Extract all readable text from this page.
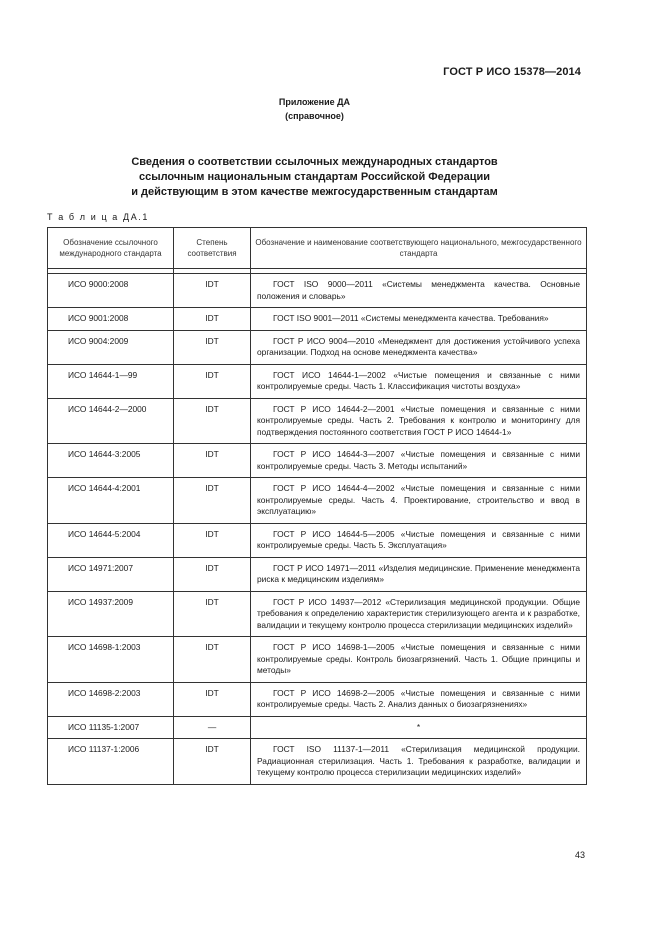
ГОСТ Р ИСО 15378—2014
Приложение ДА
(справочное)
Сведения о соответствии ссылочных международных стандартов
ссылочным национальным стандартам Российской Федерации
и действующим в этом качестве межгосударственным стандартам
Т а б л и ц а ДА.1
Обозначение ссылочного международного стандарта	Степень соответствия	Обозначение и наименование соответствующего национального, межгосударственного стандарта

ИСО 9000:2008	IDT	ГОСТ ISO 9000—2011 «Системы менеджмента качества. Основные положения и словарь»

ИСО 9001:2008	IDT	ГОСТ ISO 9001—2011 «Системы менеджмента качества. Требования»

ИСО 9004:2009	IDT	ГОСТ Р ИСО 9004—2010 «Менеджмент для достижения устойчивого успеха организации. Подход на основе менеджмента качества»

ИСО 14644-1—99	IDT	ГОСТ ИСО 14644-1—2002 «Чистые помещения и связанные с ними контролируемые среды. Часть 1. Классификация чистоты воздуха»

ИСО 14644-2—2000	IDT	ГОСТ Р ИСО 14644-2—2001 «Чистые помещения и связанные с ними контролируемые среды. Часть 2. Требования к контролю и мониторингу для подтверждения постоянного соответствия ГОСТ Р ИСО 14644-1»

ИСО 14644-3:2005	IDT	ГОСТ Р ИСО 14644-3—2007 «Чистые помещения и связанные с ними контролируемые среды. Часть 3. Методы испытаний»

ИСО 14644-4:2001	IDT	ГОСТ Р ИСО 14644-4—2002 «Чистые помещения и связанные с ними контролируемые среды. Часть 4. Проектирование, строительство и ввод в эксплуатацию»

ИСО 14644-5:2004	IDT	ГОСТ Р ИСО 14644-5—2005 «Чистые помещения и связанные с ними контролируемые среды. Часть 5. Эксплуатация»

ИСО 14971:2007	IDT	ГОСТ Р ИСО 14971—2011 «Изделия медицинские. Применение менеджмента риска к медицинским изделиям»

ИСО 14937:2009	IDT	ГОСТ Р ИСО 14937—2012 «Стерилизация медицинской продукции. Общие требования к определению характеристик стерилизующего агента и к разработке, валидации и текущему контролю процесса стерилизации медицинских изделий»

ИСО 14698-1:2003	IDT	ГОСТ Р ИСО 14698-1—2005 «Чистые помещения и связанные с ними контролируемые среды. Контроль биозагрязнений. Часть 1. Общие принципы и методы»

ИСО 14698-2:2003	IDT	ГОСТ Р ИСО 14698-2—2005 «Чистые помещения и связанные с ними контролируемые среды. Часть 2. Анализ данных о биозагрязнениях»

ИСО 11135-1:2007	—	*

ИСО 11137-1:2006	IDT	ГОСТ ISO 11137-1—2011 «Стерилизация медицинской продукции. Радиационная стерилизация. Часть 1. Требования к разработке, валидации и текущему контролю процесса стерилизации медицинских изделий»
43
